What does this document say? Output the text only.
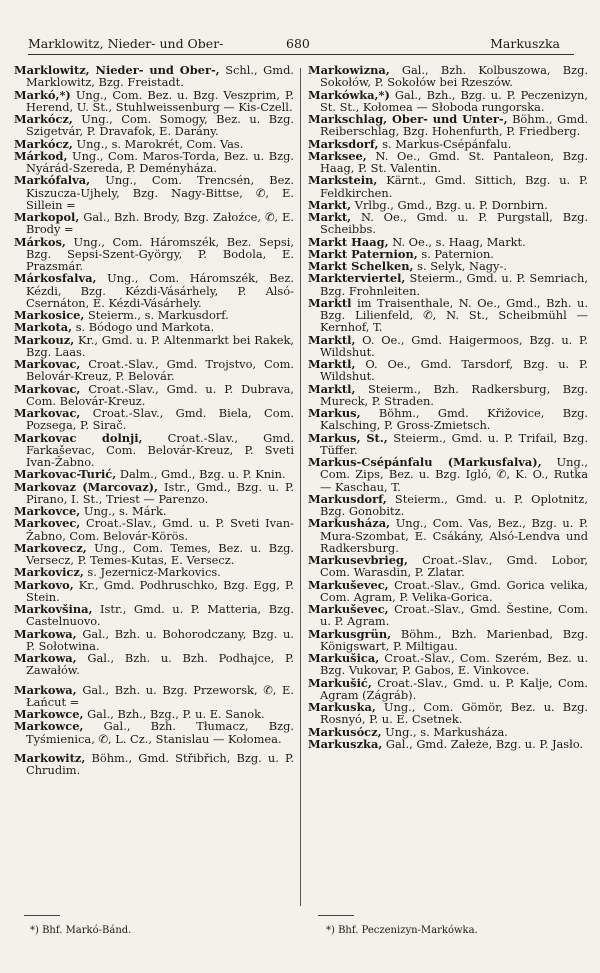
Marklowitz, Nieder- und Ober-	680	Markuszka

Marklowitz, Nieder- und Ober-, Schl., Gmd. Marklowitz, Bzg. Freistadt.

Markó,*) Ung., Com. Bez. u. Bzg. Veszprim, P. Herend, U. St., Stuhlweissenburg — Kis-Czell.

Markócz, Ung., Com. Somogy, Bez. u. Bzg. Szigetvár, P. Dravafok, E. Darány.

Markócz, Ung., s. Marokrét, Com. Vas.

Márkod, Ung., Com. Maros-Torda, Bez. u. Bzg. Nyárád-Szereda, P. Deményháza.

Markófalva, Ung., Com. Trencsén, Bez. Kiszucza-Ujhely, Bzg. Nagy-Bittse, ✆, E. Sillein =

Markopol, Gal., Bzh. Brody, Bzg. Załoźce, ✆, E. Brody =

Márkos, Ung., Com. Háromszék, Bez. Sepsi, Bzg. Sepsi-Szent-György, P. Bodola, E. Prazsmár.

Márkosfalva, Ung., Com. Háromszék, Bez. Kézdi, Bzg. Kézdi-Vásárhely, P. Alsó-Csernáton, E. Kézdi-Vásárhely.

Markosice, Steierm., s. Markusdorf.

Markota, s. Bódogo und Markota.

Markouz, Kr., Gmd. u. P. Altenmarkt bei Rakek, Bzg. Laas.

Markovac, Croat.-Slav., Gmd. Trojstvo, Com. Belovár-Kreuz, P. Belovár.

Markovac, Croat.-Slav., Gmd. u. P. Dubrava, Com. Belovár-Kreuz.

Markovac, Croat.-Slav., Gmd. Biela, Com. Pozsega, P. Sirač.

Markovac dolnji, Croat.-Slav., Gmd. Farkaševac, Com. Belovár-Kreuz, P. Sveti Ivan-Žabno.

Markovac-Turić, Dalm., Gmd., Bzg. u. P. Knin.

Markovaz (Marcovaz), Istr., Gmd., Bzg. u. P. Pirano, I. St., Triest — Parenzo.

Markovce, Ung., s. Márk.

Markovec, Croat.-Slav., Gmd. u. P. Sveti Ivan-Žabno, Com. Belovár-Körös.

Markovecz, Ung., Com. Temes, Bez. u. Bzg. Versecz, P. Temes-Kutas, E. Versecz.

Markovicz, s. Jezernicz-Markovics.

Markovo, Kr., Gmd. Podhruschko, Bzg. Egg, P. Stein.

Markovšina, Istr., Gmd. u. P. Matteria, Bzg. Castelnuovo.

Markowa, Gal., Bzh. u. Bohorodczany, Bzg. u. P. Sołotwina.

Markowa, Gal., Bzh. u. Bzh. Podhajce, P. Zawałów.

Markowa, Gal., Bzh. u. Bzg. Przeworsk, ✆, E. Łańcut =

Markowce, Gal., Bzh., Bzg., P. u. E. Sanok.

Markowce, Gal., Bzh. Tłumacz, Bzg. Tyśmienica, ✆, L. Cz., Stanislau — Kołomea.

Markowitz, Böhm., Gmd. Střibřich, Bzg. u. P. Chrudim.

Markowizna, Gal., Bzh. Kolbuszowa, Bzg. Sokołów, P. Sokołów bei Rzeszów.

Markówka,*) Gal., Bzh., Bzg. u. P. Peczenizyn, St. St., Kołomea — Słoboda rungorska.

Markschlag, Ober- und Unter-, Böhm., Gmd. Reiberschlag, Bzg. Hohenfurth, P. Friedberg.

Marksdorf, s. Markus-Csépánfalu.

Marksee, N. Oe., Gmd. St. Pantaleon, Bzg. Haag, P. St. Valentin.

Markstein, Kärnt., Gmd. Sittich, Bzg. u. P. Feldkirchen.

Markt, Vrlbg., Gmd., Bzg. u. P. Dornbirn.

Markt, N. Oe., Gmd. u. P. Purgstall, Bzg. Scheibbs.

Markt Haag, N. Oe., s. Haag, Markt.

Markt Paternion, s. Paternion.

Markt Schelken, s. Selyk, Nagy-.

Markterviertel, Steierm., Gmd. u. P. Semriach, Bzg. Frohnleiten.

Marktl im Traisenthale, N. Oe., Gmd., Bzh. u. Bzg. Lilienfeld, ✆, N. St., Scheibmühl — Kernhof, T.

Marktl, O. Oe., Gmd. Haigermoos, Bzg. u. P. Wildshut.

Marktl, O. Oe., Gmd. Tarsdorf, Bzg. u. P. Wildshut.

Marktl, Steierm., Bzh. Radkersburg, Bzg. Mureck, P. Straden.

Markus, Böhm., Gmd. Křižovice, Bzg. Kalsching, P. Gross-Zmietsch.

Markus, St., Steierm., Gmd. u. P. Trifail, Bzg. Tüffer.

Markus-Csépánfalu (Markusfalva), Ung., Com. Zips, Bez. u. Bzg. Igló, ✆, K. O., Rutka — Kaschau, T.

Markusdorf, Steierm., Gmd. u. P. Oplotnitz, Bzg. Gonobitz.

Markusháza, Ung., Com. Vas, Bez., Bzg. u. P. Mura-Szombat, E. Csákány, Alsó-Lendva und Radkersburg.

Markusevbrieg, Croat.-Slav., Gmd. Lobor, Com. Warasdin, P. Zlatar.

Markuševec, Croat.-Slav., Gmd. Gorica velika, Com. Agram, P. Velika-Gorica.

Markuševec, Croat.-Slav., Gmd. Šestine, Com. u. P. Agram.

Markusgrün, Böhm., Bzh. Marienbad, Bzg. Königswart, P. Miltigau.

Markušica, Croat.-Slav., Com. Szerém, Bez. u. Bzg. Vukovar, P. Gabos, E. Vinkovce.

Markušić, Croat.-Slav., Gmd. u. P. Kalje, Com. Agram (Zágráb).

Markuska, Ung., Com. Gömör, Bez. u. Bzg. Rosnyó, P. u. E. Csetnek.

Markusócz, Ung., s. Markusháza.

Markuszka, Gal., Gmd. Załeże, Bzg. u. P. Jasło.

*) Bhf. Markó-Bánd.	*) Bhf. Peczenizyn-Markówka.
